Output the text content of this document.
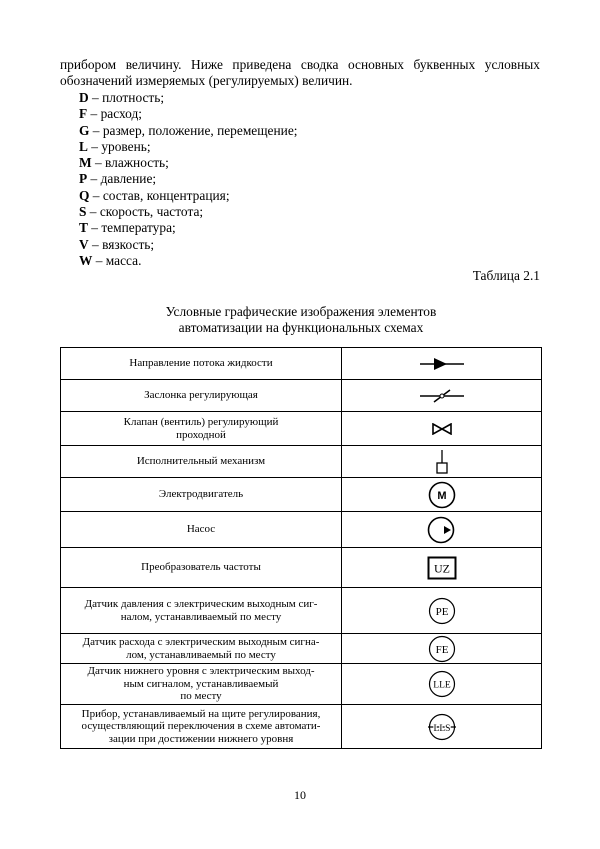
прибором величину. Ниже приведена сводка основных буквенных условных
обозначений измеряемых (регулируемых) величин.
D – плотность;
F – расход;
G – размер, положение, перемещение;
L – уровень;
M – влажность;
P – давление;
Q – состав, концентрация;
S – скорость, частота;
T – температура;
V – вязкость;
W – масса.
Таблица 2.1
Условные графические изображения элементов
автоматизации на функциональных схемах
Направление потока жидкости	

Заслонка регулирующая	

Клапан (вентиль) регулирующий
проходной	

Исполнительный механизм	

Электродвигатель	M

Насос	

Преобразователь частоты	UZ

Датчик давления с электрическим выходным сиг-
налом, устанавливаемый по месту	PE

Датчик расхода с электрическим выходным сигна-
лом, устанавливаемый по месту	FE

Датчик нижнего уровня с электрическим выход-
ным сигналом, устанавливаемый
по месту	LLE

Прибор, устанавливаемый на щите регулирования,
осуществляющий переключения в схеме автомати-
зации при достижении нижнего уровня	LLS
10
